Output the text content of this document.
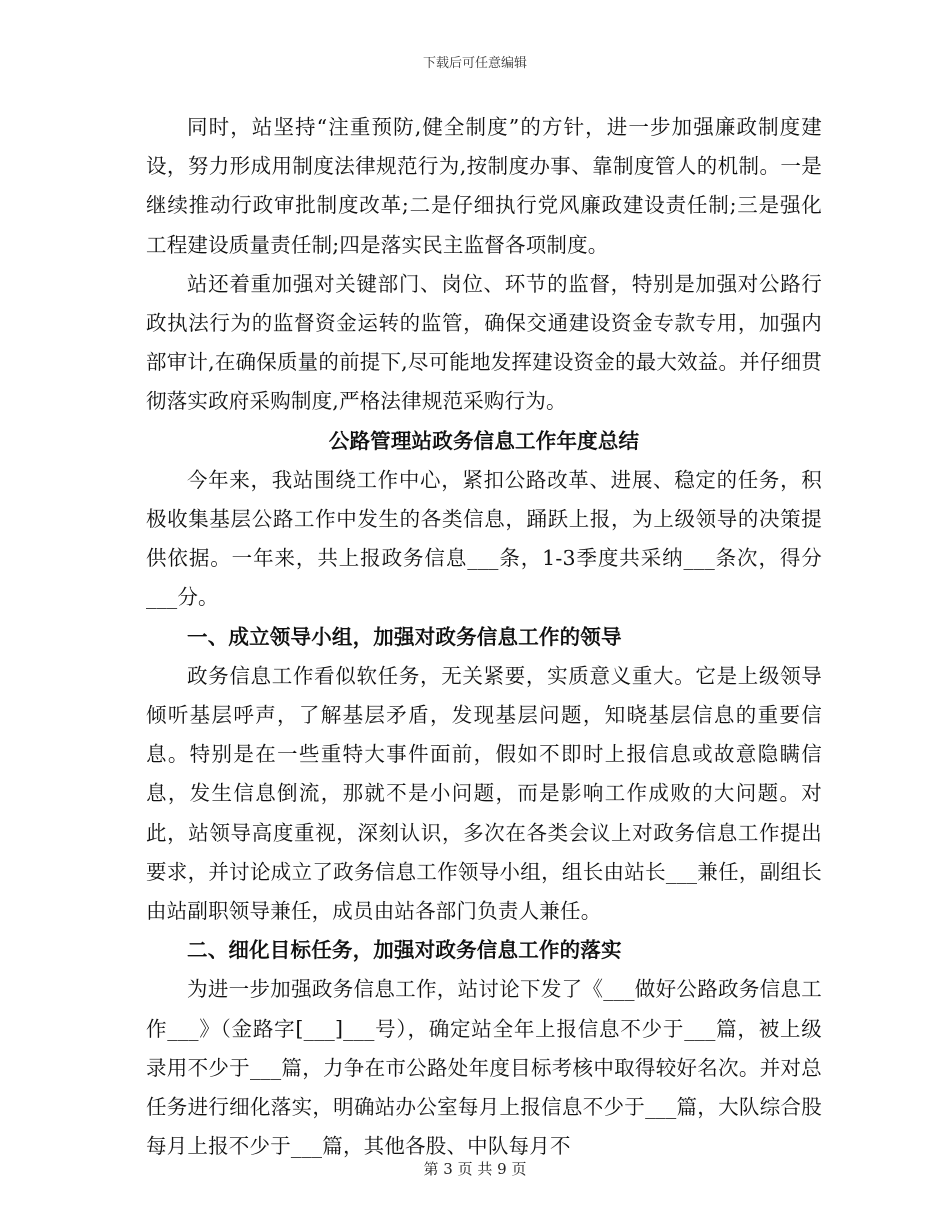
下载后可任意编辑

同时，站坚持“注重预防,健全制度”的方针，进一步加强廉政制度建设，努力形成用制度法律规范行为,按制度办事、靠制度管人的机制。一是继续推动行政审批制度改革;二是仔细执行党风廉政建设责任制;三是强化工程建设质量责任制;四是落实民主监督各项制度。

站还着重加强对关键部门、岗位、环节的监督，特别是加强对公路行政执法行为的监督资金运转的监管，确保交通建设资金专款专用，加强内部审计,在确保质量的前提下,尽可能地发挥建设资金的最大效益。并仔细贯彻落实政府采购制度,严格法律规范采购行为。

公路管理站政务信息工作年度总结

今年来，我站围绕工作中心，紧扣公路改革、进展、稳定的任务，积极收集基层公路工作中发生的各类信息，踊跃上报，为上级领导的决策提供依据。一年来，共上报政务信息___条，1-3季度共采纳___条次，得分___分。

一、成立领导小组，加强对政务信息工作的领导

政务信息工作看似软任务，无关紧要，实质意义重大。它是上级领导倾听基层呼声，了解基层矛盾，发现基层问题，知晓基层信息的重要信息。特别是在一些重特大事件面前，假如不即时上报信息或故意隐瞒信息，发生信息倒流，那就不是小问题，而是影响工作成败的大问题。对此，站领导高度重视，深刻认识，多次在各类会议上对政务信息工作提出要求，并讨论成立了政务信息工作领导小组，组长由站长___兼任，副组长由站副职领导兼任，成员由站各部门负责人兼任。

二、细化目标任务，加强对政务信息工作的落实

为进一步加强政务信息工作，站讨论下发了《___做好公路政务信息工作___》（金路字[___]___号），确定站全年上报信息不少于___篇，被上级录用不少于___篇，力争在市公路处年度目标考核中取得较好名次。并对总任务进行细化落实，明确站办公室每月上报信息不少于___篇，大队综合股每月上报不少于___篇，其他各股、中队每月不

第 3 页 共 9 页
